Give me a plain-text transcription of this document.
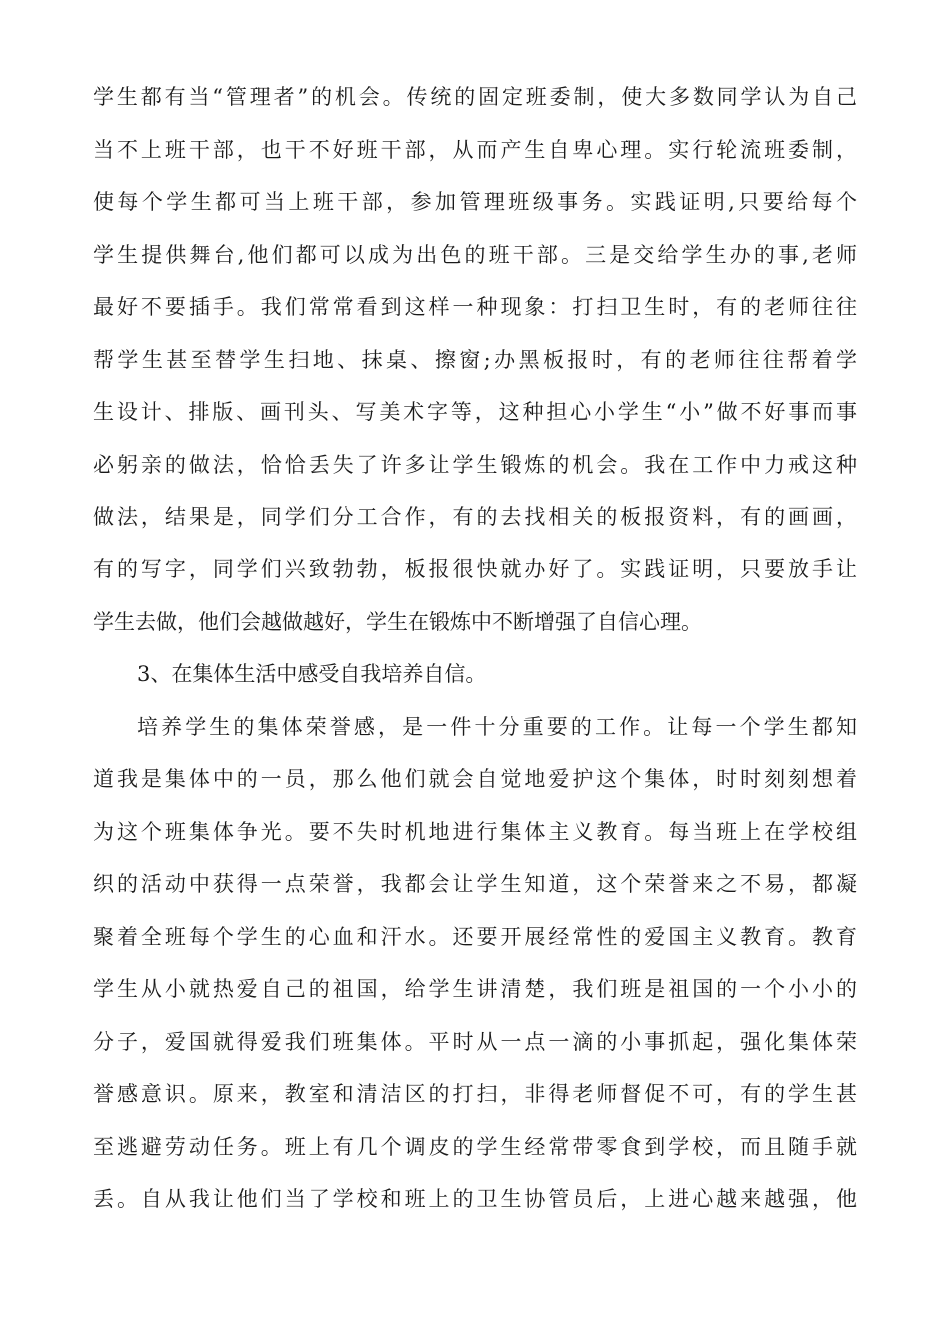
学生都有当“管理者”的机会。传统的固定班委制，使大多数同学认为自己
当不上班干部，也干不好班干部，从而产生自卑心理。实行轮流班委制，
使每个学生都可当上班干部，参加管理班级事务。实践证明,只要给每个
学生提供舞台,他们都可以成为出色的班干部。三是交给学生办的事,老师
最好不要插手。我们常常看到这样一种现象：打扫卫生时，有的老师往往
帮学生甚至替学生扫地、抹桌、擦窗;办黑板报时，有的老师往往帮着学
生设计、排版、画刊头、写美术字等，这种担心小学生“小”做不好事而事
必躬亲的做法，恰恰丢失了许多让学生锻炼的机会。我在工作中力戒这种
做法，结果是，同学们分工合作，有的去找相关的板报资料，有的画画，
有的写字，同学们兴致勃勃，板报很快就办好了。实践证明，只要放手让
学生去做，他们会越做越好，学生在锻炼中不断增强了自信心理。
3、在集体生活中感受自我培养自信。
培养学生的集体荣誉感，是一件十分重要的工作。让每一个学生都知
道我是集体中的一员，那么他们就会自觉地爱护这个集体，时时刻刻想着
为这个班集体争光。要不失时机地进行集体主义教育。每当班上在学校组
织的活动中获得一点荣誉，我都会让学生知道，这个荣誉来之不易，都凝
聚着全班每个学生的心血和汗水。还要开展经常性的爱国主义教育。教育
学生从小就热爱自己的祖国，给学生讲清楚，我们班是祖国的一个小小的
分子，爱国就得爱我们班集体。平时从一点一滴的小事抓起，强化集体荣
誉感意识。原来，教室和清洁区的打扫，非得老师督促不可，有的学生甚
至逃避劳动任务。班上有几个调皮的学生经常带零食到学校，而且随手就
丢。自从我让他们当了学校和班上的卫生协管员后，上进心越来越强，他
